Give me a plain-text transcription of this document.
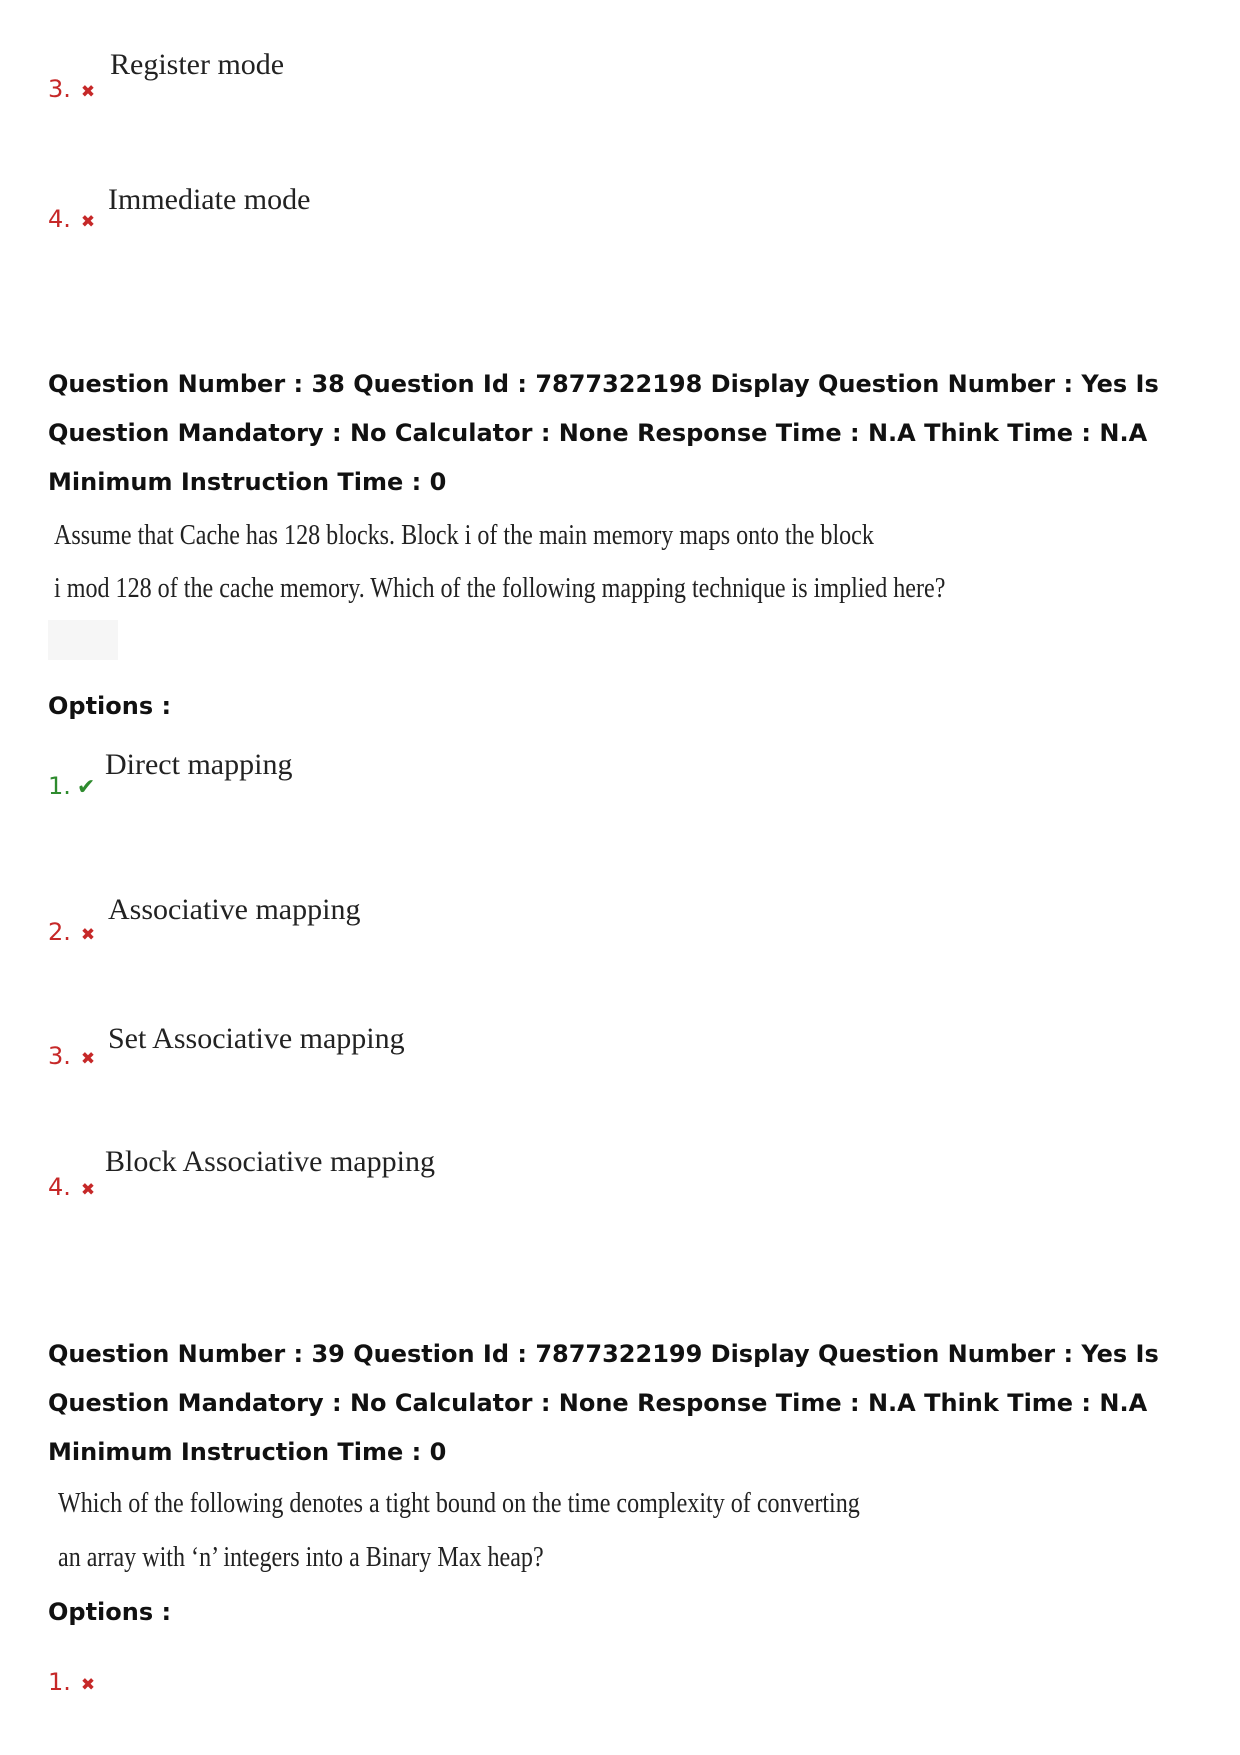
3. ✖
Register mode
4. ✖
Immediate mode
Question Number : 38 Question Id : 7877322198 Display Question Number : Yes Is Question Mandatory : No Calculator : None Response Time : N.A Think Time : N.A Minimum Instruction Time : 0
Assume that Cache has 128 blocks. Block i of the main memory maps onto the block
i mod 128 of the cache memory. Which of the following mapping technique is implied here?
Options :
1. ✔
Direct mapping
2. ✖
Associative mapping
3. ✖
Set Associative mapping
4. ✖
Block Associative mapping
Question Number : 39 Question Id : 7877322199 Display Question Number : Yes Is Question Mandatory : No Calculator : None Response Time : N.A Think Time : N.A Minimum Instruction Time : 0
Which of the following denotes a tight bound on the time complexity of converting
an array with ‘n’ integers into a Binary Max heap?
Options :
1. ✖
